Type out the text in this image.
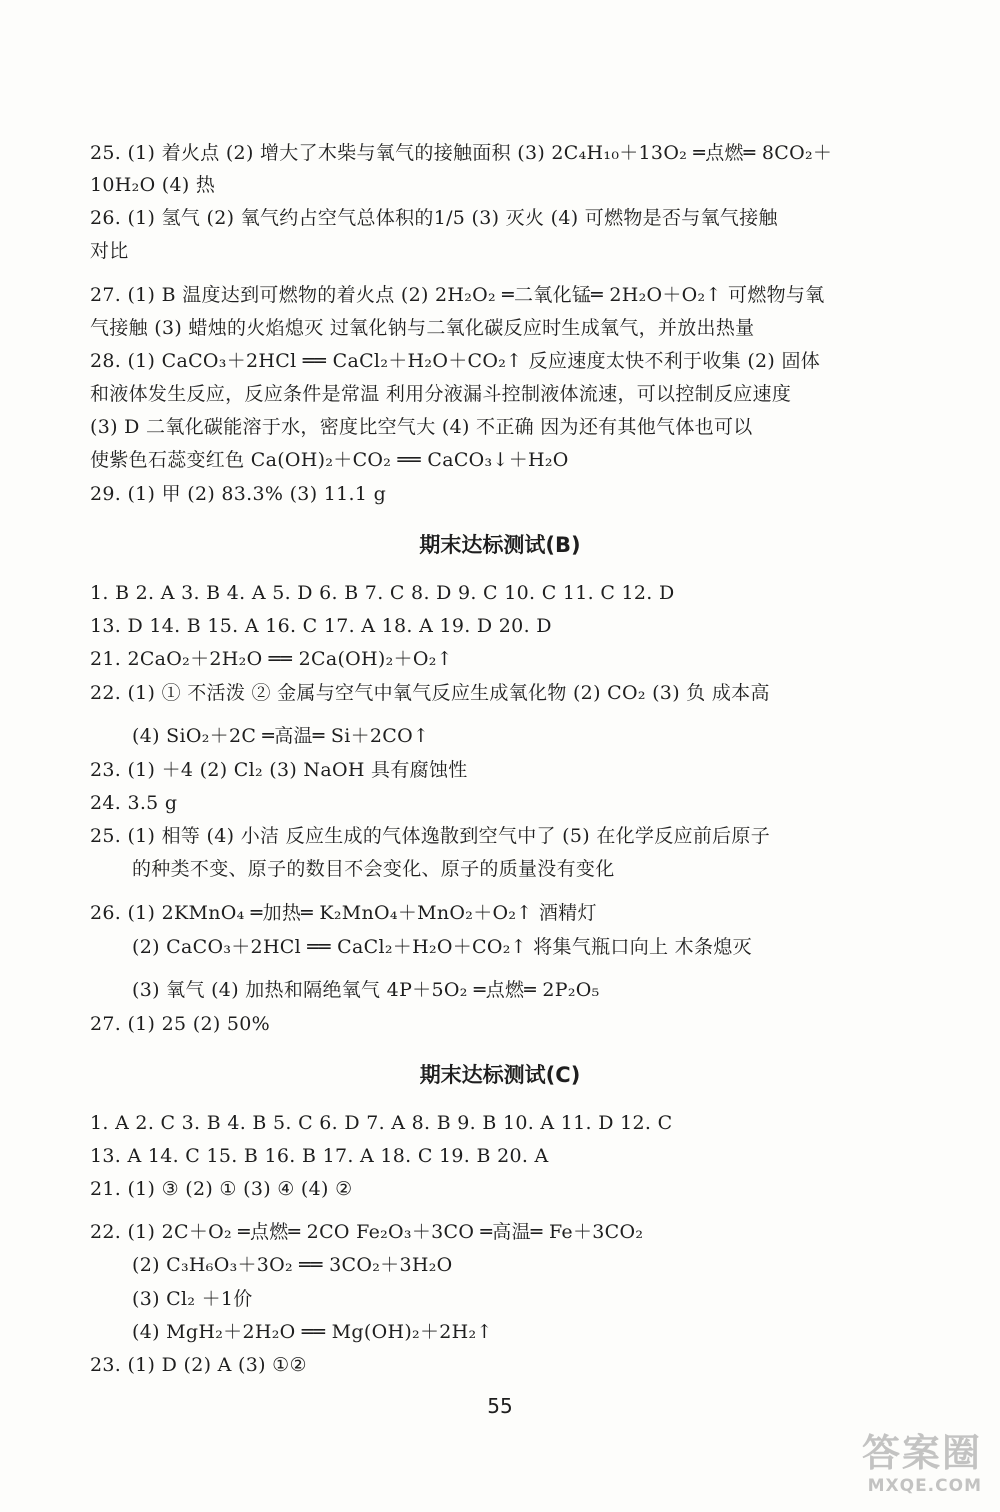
25. (1) 着火点 (2) 增大了木柴与氧气的接触面积 (3) 2C₄H₁₀＋13O₂ ═点燃═ 8CO₂＋
10H₂O (4) 热
26. (1) 氢气 (2) 氧气约占空气总体积的1/5 (3) 灭火 (4) 可燃物是否与氧气接触
对比
27. (1) B 温度达到可燃物的着火点 (2) 2H₂O₂ ═二氧化锰═ 2H₂O＋O₂↑ 可燃物与氧
气接触 (3) 蜡烛的火焰熄灭 过氧化钠与二氧化碳反应时生成氧气，并放出热量
28. (1) CaCO₃＋2HCl ══ CaCl₂＋H₂O＋CO₂↑ 反应速度太快不利于收集 (2) 固体
和液体发生反应，反应条件是常温 利用分液漏斗控制液体流速，可以控制反应速度
(3) D 二氧化碳能溶于水，密度比空气大 (4) 不正确 因为还有其他气体也可以
使紫色石蕊变红色 Ca(OH)₂＋CO₂ ══ CaCO₃↓＋H₂O
29. (1) 甲 (2) 83.3% (3) 11.1 g
期末达标测试(B)
1. B 2. A 3. B 4. A 5. D 6. B 7. C 8. D 9. C 10. C 11. C 12. D
13. D 14. B 15. A 16. C 17. A 18. A 19. D 20. D
21. 2CaO₂＋2H₂O ══ 2Ca(OH)₂＋O₂↑
22. (1) ① 不活泼 ② 金属与空气中氧气反应生成氧化物 (2) CO₂ (3) 负 成本高
(4) SiO₂＋2C ═高温═ Si＋2CO↑
23. (1) ＋4 (2) Cl₂ (3) NaOH 具有腐蚀性
24. 3.5 g
25. (1) 相等 (4) 小洁 反应生成的气体逸散到空气中了 (5) 在化学反应前后原子
的种类不变、原子的数目不会变化、原子的质量没有变化
26. (1) 2KMnO₄ ═加热═ K₂MnO₄＋MnO₂＋O₂↑ 酒精灯
(2) CaCO₃＋2HCl ══ CaCl₂＋H₂O＋CO₂↑ 将集气瓶口向上 木条熄灭
(3) 氧气 (4) 加热和隔绝氧气 4P＋5O₂ ═点燃═ 2P₂O₅
27. (1) 25 (2) 50%
期末达标测试(C)
1. A 2. C 3. B 4. B 5. C 6. D 7. A 8. B 9. B 10. A 11. D 12. C
13. A 14. C 15. B 16. B 17. A 18. C 19. B 20. A
21. (1) ③ (2) ① (3) ④ (4) ②
22. (1) 2C＋O₂ ═点燃═ 2CO Fe₂O₃＋3CO ═高温═ Fe＋3CO₂
(2) C₃H₆O₃＋3O₂ ══ 3CO₂＋3H₂O
(3) Cl₂ ＋1价
(4) MgH₂＋2H₂O ══ Mg(OH)₂＋2H₂↑
23. (1) D (2) A (3) ①②
55
答案圈
MXQE.COM
